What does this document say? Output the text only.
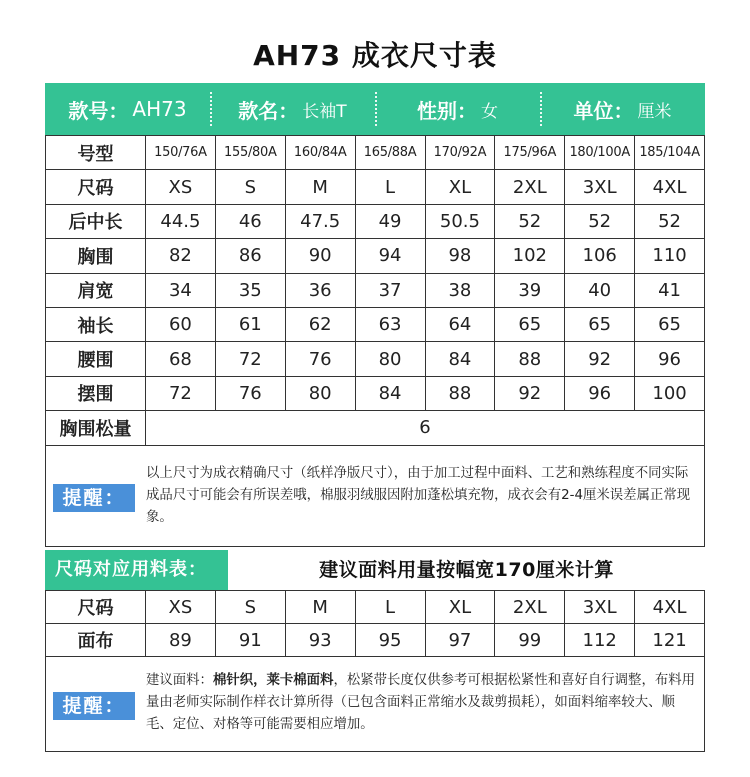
AH73 成衣尺寸表
款号： AH73	款名： 长袖T	性别： 女	单位： 厘米
号型	150/76A	155/80A	160/84A	165/88A	170/92A	175/96A	180/100A	185/104A
尺码	XS	S	M	L	XL	2XL	3XL	4XL
后中长	44.5	46	47.5	49	50.5	52	52	52
胸围	82	86	90	94	98	102	106	110
肩宽	34	35	36	37	38	39	40	41
袖长	60	61	62	63	64	65	65	65
腰围	68	72	76	80	84	88	92	96
摆围	72	76	80	84	88	92	96	100
胸围松量	6							
提醒：
以上尺寸为成衣精确尺寸（纸样净版尺寸），由于加工过程中面料、工艺和熟练程度不同实际成品尺寸可能会有所误差哦，棉服羽绒服因附加蓬松填充物，成衣会有2-4厘米误差属正常现象。
尺码对应用料表：	建议面料用量按幅宽170厘米计算
尺码	XS	S	M	L	XL	2XL	3XL	4XL
面布	89	91	93	95	97	99	112	121
提醒：
建议面料：棉针织，莱卡棉面料，松紧带长度仅供参考可根据松紧性和喜好自行调整，布料用量由老师实际制作样衣计算所得（已包含面料正常缩水及裁剪损耗），如面料缩率较大、顺毛、定位、对格等可能需要相应增加。
